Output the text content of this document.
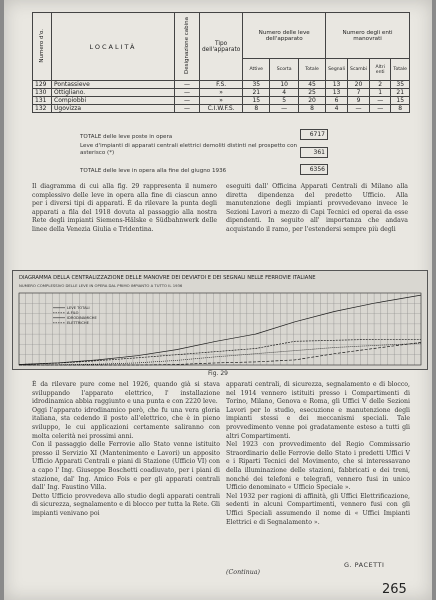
Numero d'o.	LOCALITÀ	Designazione cabina	Tipo dell'apparato	Numero delle leve dell'apparato			Numero degli enti manovrati			
				Attive	Scorta	Totale	Segnali	Scambi	Altri enti	Totale
129	Pontassieve	—	F.S.	35	10	45	13	20	2	35
130	Ottigliano.	—	»	21	4	25	13	7	1	21
131	Compiobbi	—	»	15	5	20	6	9	—	15
132	Ugovizza	—	C.I.W.F.S.	8	—	8	4	—	—	8
TOTALE delle leve poste in opera	6717
Leve d'impianti di apparati centrali elettrici demoliti distinti nel prospetto con asterisco (*)	361
TOTALE delle leve in opera alla fine del giugno 1936	6356
Il diagramma di cui alla fig. 29 rappresenta il numero complessivo delle leve in opera alla fine di ciascun anno per i diversi tipi di apparati. È da rilevare la punta degli apparati a fila del 1918 dovuta al passaggio alla nostra Rete degli impianti Siemens-Hälske e Südbahnwerk delle linee della Venezia Giulia e Tridentina.
eseguiti dall' Officina Apparati Centrali di Milano alla diretta dipendenza del predetto Ufficio. Alla manutenzione degli impianti provvedevano invece le Sezioni Lavori a mezzo di Capi Tecnici ed operai da esse dipendenti. In seguito all' importanza che andava acquistando il ramo, per l'estendersi sempre più degli
DIAGRAMMA DELLA CENTRALIZZAZIONE DELLE MANOVRE DEI DEVIATOI E DEI SEGNALI NELLE FERROVIE ITALIANE
NUMERO COMPLESSIVO DELLE LEVE IN OPERA DAL PRIMO IMPIANTO A TUTTO IL 1936
LEVE TOTALI
A FILO
IDRODINAMICHE
ELETTRICHE
Fig. 29
È da rilevare pure come nel 1926, quando già si stava sviluppando l'apparato elettrico, l' installazione idrodinamica abbia raggiunto e una punta e con 2220 leve.
Oggi l'apparato idrodinamico però, che fu una vera gloria italiana, sta cedendo il posto all'elettrico, che è in pieno sviluppo, le cui applicazioni certamente saliranno con molta celerità nei prossimi anni.
Con il passaggio delle Ferrovie allo Stato venne istituito presso il Servizio XI (Mantenimento e Lavori) un apposito Ufficio Apparati Centrali e piani di Stazione (Ufficio VI) con a capo l' Ing. Giuseppe Boschetti coadiuvato, per i piani di stazione, dal' Ing. Amico Fois e per gli apparati centrali dall' Ing. Faustino Villa.
Detto Ufficio provvedeva allo studio degli apparati centrali di sicurezza, segnalamento e di blocco per tutta la Rete. Gli impianti venivano poi
apparati centrali, di sicurezza, segnalamento e di blocco, nel 1914 vennero istituiti presso i Compartimenti di Torino, Milano, Genova e Roma, gli Uffici V delle Sezioni Lavori per lo studio, esecuzione e manutenzione degli impianti stessi e dei meccanismi speciali. Tale provvedimento venne poi gradatamente esteso a tutti gli altri Compartimenti.
Nel 1923 con provvedimento del Regio Commissario Straordinario delle Ferrovie dello Stato i predetti Uffici V e i Riparti Tecnici del Movimento, che si interessavano della illuminazione delle stazioni, fabbricati e dei treni, nonché dei telefoni e telegrafi, vennero fusi in unico Ufficio denominato « Ufficio Speciale ».
Nel 1932 per ragioni di affinità, gli Uffici Elettrificazione, sedenti in alcuni Compartimenti, vennero fusi con gli Uffici Speciali assumendo il nome di « Uffici Impianti Elettrici e di Segnalamento ».
(Continua)
G. PACETTI
265
